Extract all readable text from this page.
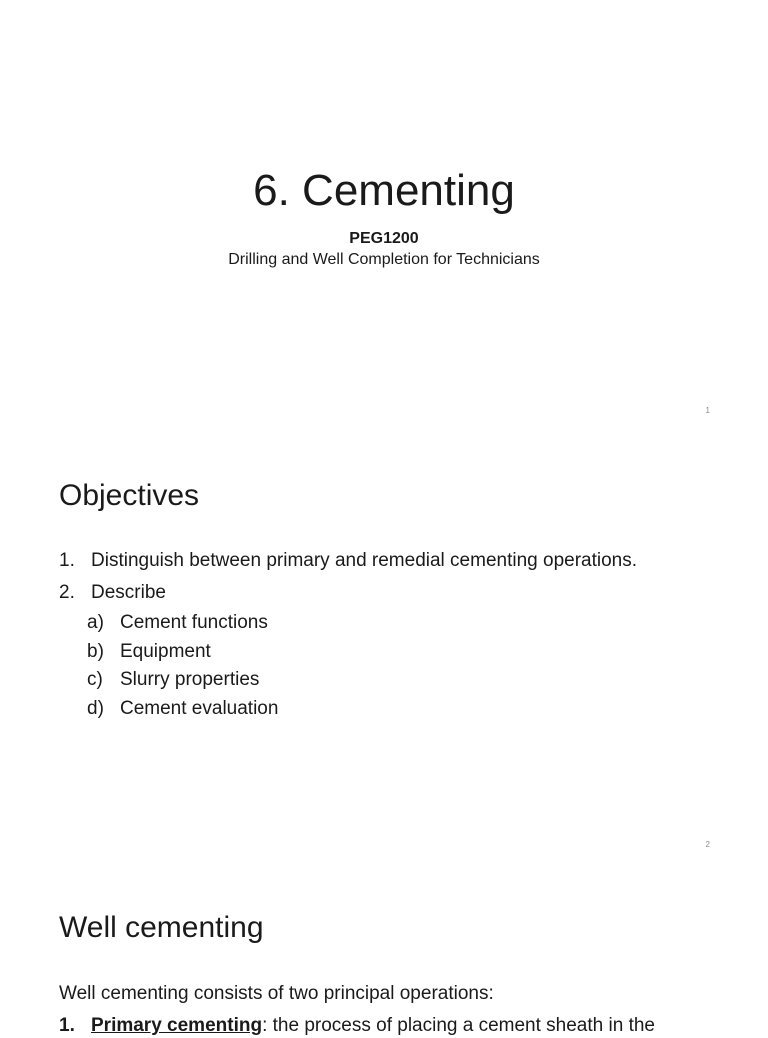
6. Cementing
PEG1200
Drilling and Well Completion for Technicians
1
Objectives
1. Distinguish between primary and remedial cementing operations.
2. Describe
a) Cement functions
b) Equipment
c) Slurry properties
d) Cement evaluation
2
Well cementing

Well cementing consists of two principal operations:

1. Primary cementing: the process of placing a cement sheath in the
